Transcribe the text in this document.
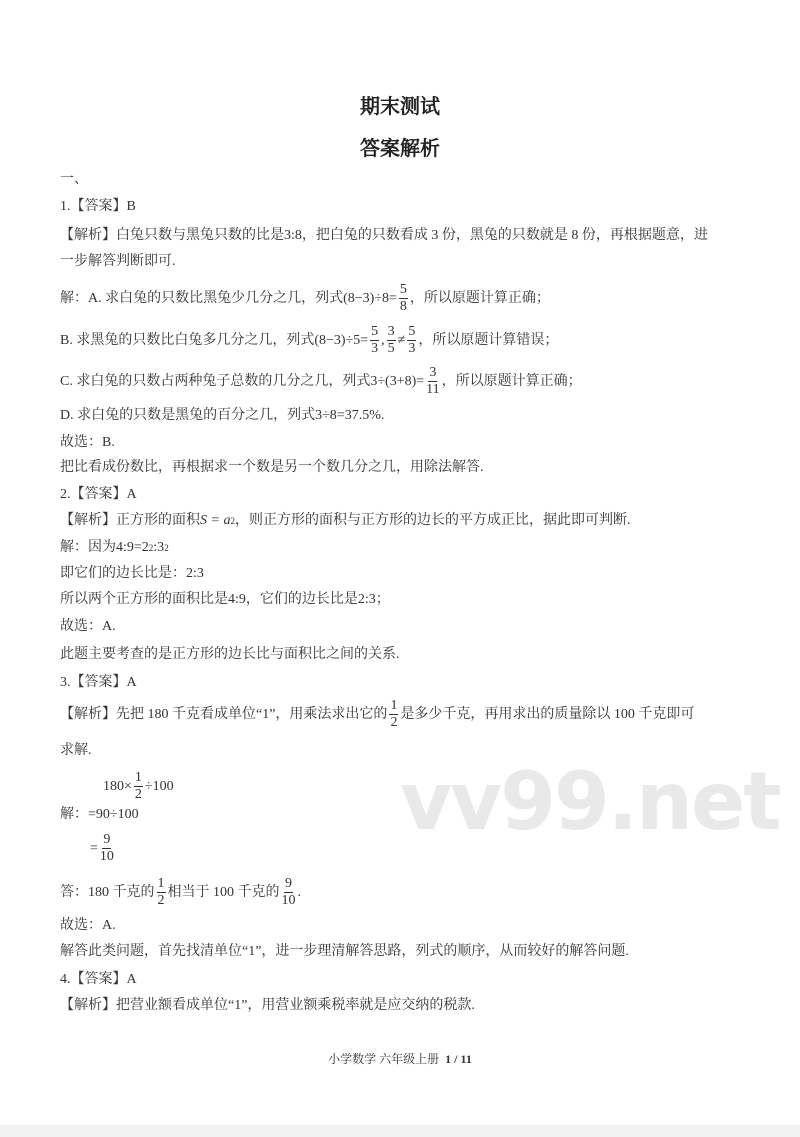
vv99.net
期末测试
答案解析
一、
1.【答案】B
【解析】白兔只数与黑兔只数的比是3:8，把白兔的只数看成 3 份，黑兔的只数就是 8 份，再根据题意，进
一步解答判断即可.
解：A. 求白兔的只数比黑兔少几分之几，列式 $(8-3)\div 8= \frac{5}{8}$ ，所以原题计算正确；
B. 求黑兔的只数比白兔多几分之几，列式 $(8-3)\div 5= \frac{5}{3}$ , $\frac{3}{5} \ne \frac{5}{3}$ ，所以原题计算错误；
C. 求白兔的只数占两种兔子总数的几分之几，列式 $3\div(3+8)= \frac{3}{11}$ ，所以原题计算正确；
D. 求白兔的只数是黑兔的百分之几，列式3÷8=37.5%.
故选：B.
把比看成份数比，再根据求一个数是另一个数几分之几，用除法解答.
2.【答案】A
【解析】正方形的面积 S = a 2 ，则正方形的面积与正方形的边长的平方成正比，据此即可判断.
解：因为4:9=2 2 :3 2
即它们的边长比是：2:3
所以两个正方形的面积比是4:9，它们的边长比是2:3；
故选：A.
此题主要考查的是正方形的边长比与面积比之间的关系.
3.【答案】A
【解析】先把 180 千克看成单位“1”，用乘法求出它的 $\frac{1}{2}$ 是多少千克，再用求出的质量除以 100 千克即可
求解.
$180\times \frac{1}{2} \div 100$
解：=90÷100
= $\frac{9}{10}$
答：180 千克的 $\frac{1}{2}$ 相当于 100 千克的 $\frac{9}{10}$ .
故选：A.
解答此类问题，首先找清单位“1”，进一步理清解答思路，列式的顺序，从而较好的解答问题.
4.【答案】A
【解析】把营业额看成单位“1”，用营业额乘税率就是应交纳的税款.
小学数学 六年级上册 1 / 11
